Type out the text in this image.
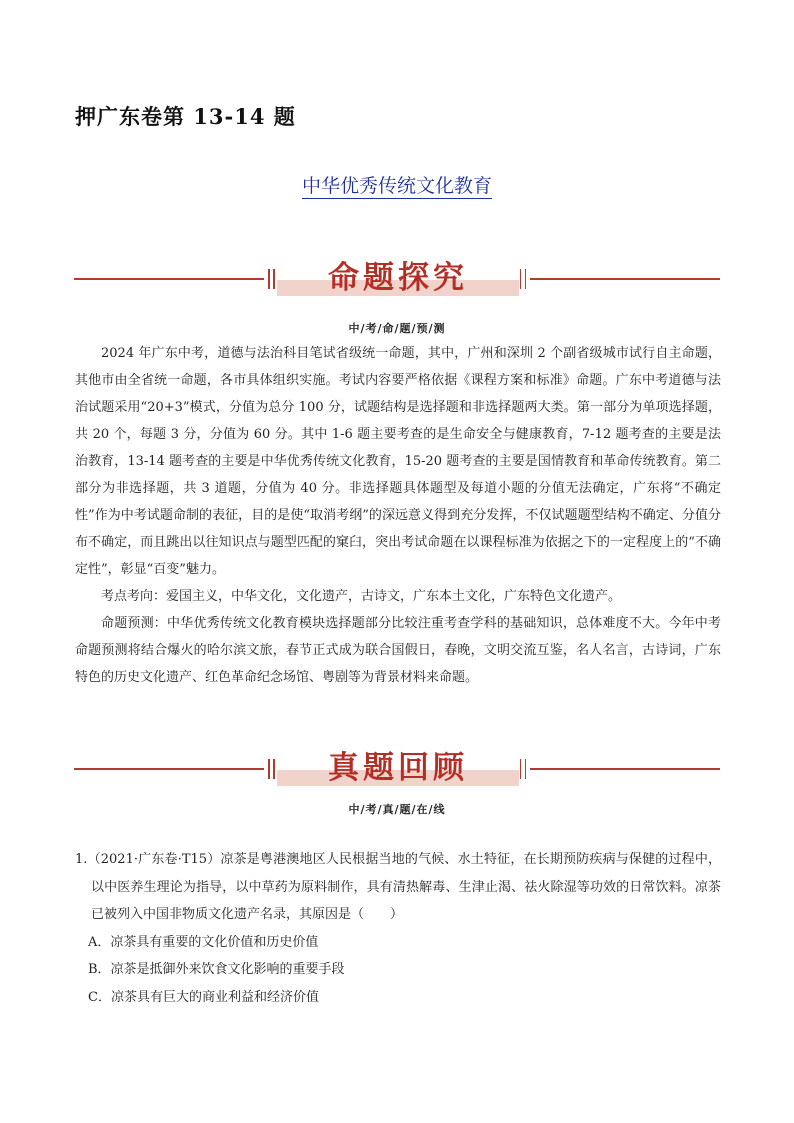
押广东卷第 13-14 题
中华优秀传统文化教育
命题探究
中/考/命/题/预/测

2024 年广东中考，道德与法治科目笔试省级统一命题，其中，广州和深圳 2 个副省级城市试行自主命题，其他市由全省统一命题，各市具体组织实施。考试内容要严格依据《课程方案和标准》命题。广东中考道德与法治试题采用“20+3”模式，分值为总分 100 分，试题结构是选择题和非选择题两大类。第一部分为单项选择题，共 20 个，每题 3 分，分值为 60 分。其中 1-6 题主要考查的是生命安全与健康教育，7-12 题考查的主要是法治教育，13-14 题考查的主要是中华优秀传统文化教育，15-20 题考查的主要是国情教育和革命传统教育。第二部分为非选择题，共 3 道题，分值为 40 分。非选择题具体题型及每道小题的分值无法确定，广东将“不确定性”作为中考试题命制的表征，目的是使“取消考纲”的深远意义得到充分发挥，不仅试题题型结构不确定、分值分布不确定，而且跳出以往知识点与题型匹配的窠臼，突出考试命题在以课程标准为依据之下的一定程度上的“不确定性”，彰显“百变”魅力。

考点考向：爱国主义，中华文化，文化遗产，古诗文，广东本土文化，广东特色文化遗产。

命题预测：中华优秀传统文化教育模块选择题部分比较注重考查学科的基础知识，总体难度不大。今年中考命题预测将结合爆火的哈尔滨文旅，春节正式成为联合国假日，春晚，文明交流互鉴，名人名言，古诗词，广东特色的历史文化遗产、红色革命纪念场馆、粤剧等为背景材料来命题。

真题回顾
中/考/真/题/在/线

1.（2021·广东卷·T15）凉茶是粤港澳地区人民根据当地的气候、水土特征，在长期预防疾病与保健的过程中，以中医养生理论为指导，以中草药为原料制作，具有清热解毒、生津止渴、祛火除湿等功效的日常饮料。凉茶已被列入中国非物质文化遗产名录，其原因是（　　）

A．凉茶具有重要的文化价值和历史价值

B．凉茶是抵御外来饮食文化影响的重要手段

C．凉茶具有巨大的商业利益和经济价值
